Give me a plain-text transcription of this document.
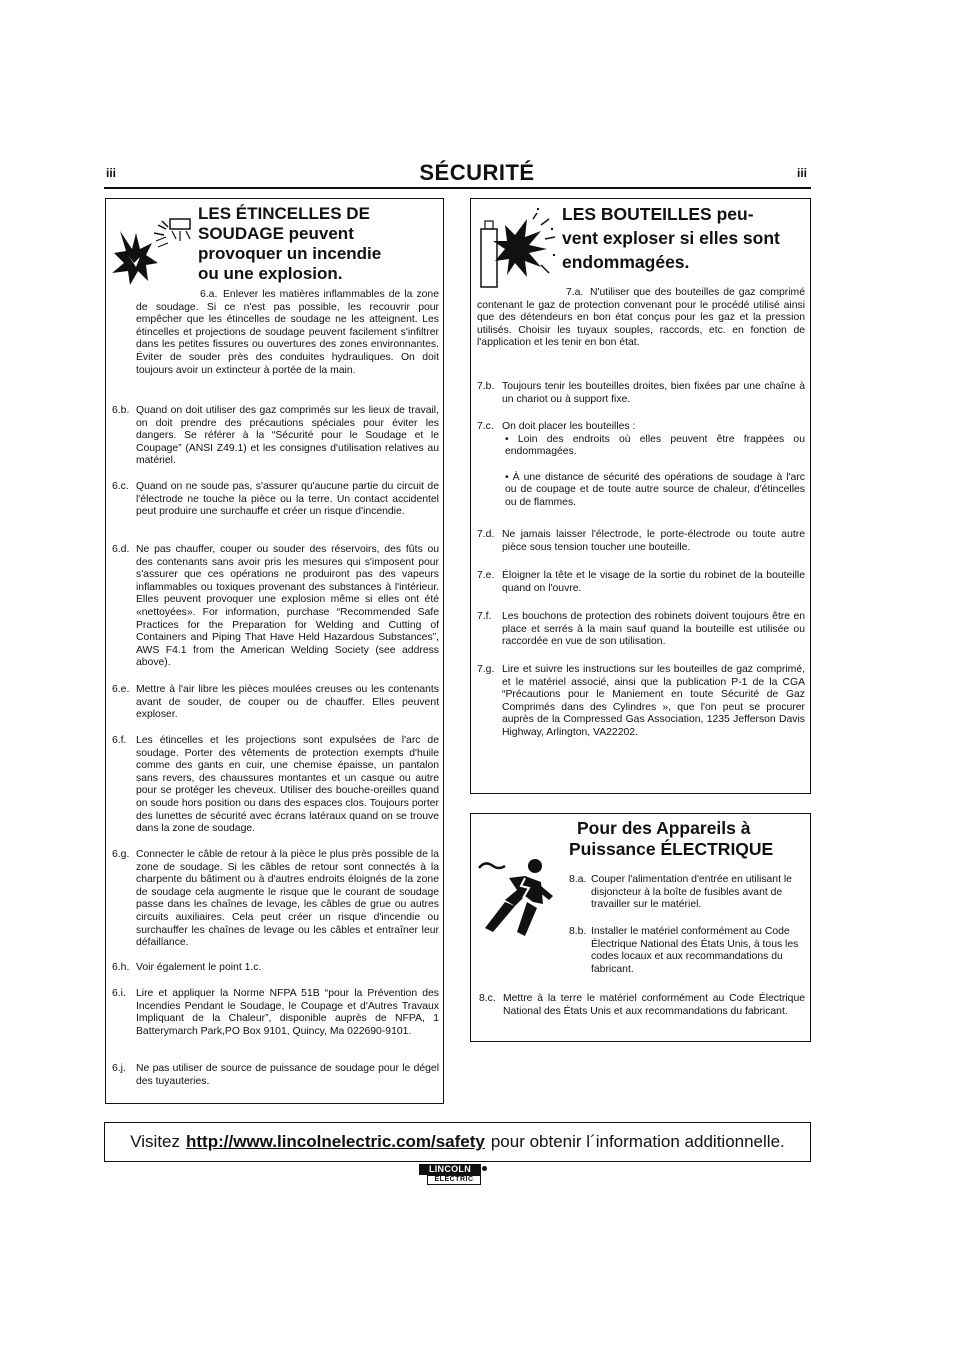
iii	SÉCURITÉ	iii
LES ÉTINCELLES DE
SOUDAGE peuvent
provoquer un incendie
ou une explosion.
6.a. Enlever les matières inflammables de la zone de soudage. Si ce n'est pas possible, les recouvrir pour empêcher que les étincelles de soudage ne les atteignent. Les étincelles et projections de soudage peuvent facilement s'infiltrer dans les petites fissures ou ouvertures des zones environnantes. Éviter de souder près des conduites hydrauliques. On doit toujours avoir un extincteur à portée de la main.
6.b. Quand on doit utiliser des gaz comprimés sur les lieux de travail, on doit prendre des précautions spéciales pour éviter les dangers. Se référer à la “Sécurité pour le Soudage et le Coupage” (ANSI Z49.1) et les consignes d'utilisation relatives au matériel.
6.c. Quand on ne soude pas, s'assurer qu'aucune partie du circuit de l'électrode ne touche la pièce ou la terre. Un contact accidentel peut produire une surchauffe et créer un risque d'incendie.
6.d. Ne pas chauffer, couper ou souder des réservoirs, des fûts ou des contenants sans avoir pris les mesures qui s'imposent pour s'assurer que ces opérations ne produiront pas des vapeurs inflammables ou toxiques provenant des substances à l'intérieur. Elles peuvent provoquer une explosion même si elles ont été «nettoyées». For information, purchase “Recommended Safe Practices for the Preparation for Welding and Cutting of Containers and Piping That Have Held Hazardous Substances”, AWS F4.1 from the American Welding Society (see address above).
6.e. Mettre à l'air libre les pièces moulées creuses ou les contenants avant de souder, de couper ou de chauffer. Elles peuvent exploser.
6.f. Les étincelles et les projections sont expulsées de l'arc de soudage. Porter des vêtements de protection exempts d'huile comme des gants en cuir, une chemise épaisse, un pantalon sans revers, des chaussures montantes et un casque ou autre pour se protéger les cheveux. Utiliser des bouche-oreilles quand on soude hors position ou dans des espaces clos. Toujours porter des lunettes de sécurité avec écrans latéraux quand on se trouve dans la zone de soudage.
6.g. Connecter le câble de retour à la pièce le plus près possible de la zone de soudage. Si les câbles de retour sont connectés à la charpente du bâtiment ou à d'autres endroits éloignés de la zone de soudage cela augmente le risque que le courant de soudage passe dans les chaînes de levage, les câbles de grue ou autres circuits auxiliaires. Cela peut créer un risque d'incendie ou surchauffer les chaînes de levage ou les câbles et entraîner leur défaillance.
6.h. Voir également le point 1.c.
6.i. Lire et appliquer la Norme NFPA 51B “pour la Prévention des Incendies Pendant le Soudage, le Coupage et d'Autres Travaux Impliquant de la Chaleur”, disponible auprès de NFPA, 1 Batterymarch Park,PO Box 9101, Quincy, Ma 022690-9101.
6.j. Ne pas utiliser de source de puissance de soudage pour le dégel des tuyauteries.
LES BOUTEILLES peu-
vent exploser si elles sont
endommagées.
7.a. N'utiliser que des bouteilles de gaz comprimé contenant le gaz de protection convenant pour le procédé utilisé ainsi que des détendeurs en bon état conçus pour les gaz et la pression utilisés. Choisir les tuyaux souples, raccords, etc. en fonction de l'application et les tenir en bon état.
7.b. Toujours tenir les bouteilles droites, bien fixées par une chaîne à un chariot ou à support fixe.
7.c. On doit placer les bouteilles :
• Loin des endroits où elles peuvent être frappées ou endommagées.
• À une distance de sécurité des opérations de soudage à l'arc ou de coupage et de toute autre source de chaleur, d'étincelles ou de flammes.
7.d. Ne jamais laisser l'électrode, le porte-électrode ou toute autre pièce sous tension toucher une bouteille.
7.e. Éloigner la tête et le visage de la sortie du robinet de la bouteille quand on l'ouvre.
7.f. Les bouchons de protection des robinets doivent toujours être en place et serrés à la main sauf quand la bouteille est utilisée ou raccordée en vue de son utilisation.
7.g. Lire et suivre les instructions sur les bouteilles de gaz comprimé, et le matériel associé, ainsi que la publication P-1 de la CGA “Précautions pour le Maniement en toute Sécurité de Gaz Comprimés dans des Cylindres », que l'on peut se procurer auprès de la Compressed Gas Association, 1235 Jefferson Davis Highway, Arlington, VA22202.
Pour des Appareils à
Puissance ÉLECTRIQUE
8.a. Couper l'alimentation d'entrée en utilisant le disjoncteur à la boîte de fusibles avant de travailler sur le matériel.
8.b. Installer le matériel conformément au Code Électrique National des États Unis, à tous les codes locaux et aux recommandations du fabricant.
8.c. Mettre à la terre le matériel conformément au Code Électrique National des États Unis et aux recommandations du fabricant.
Visitez http://www.lincolnelectric.com/safety pour obtenir l´information additionnelle.
LINCOLN
ELECTRIC
